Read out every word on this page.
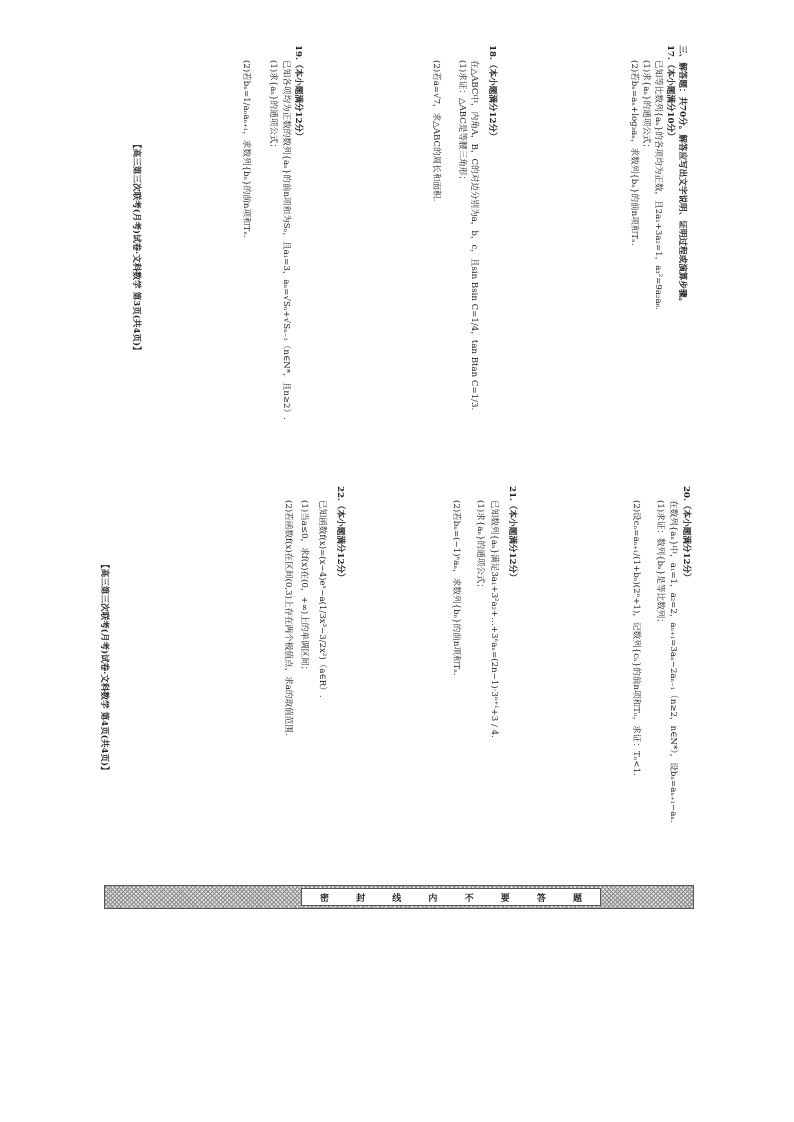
三、解答题：共70分。解答应写出文字说明、证明过程或演算步骤。
17.（本小题满分10分）
已知等比数列{aₙ}的各项均为正数，且2a₁+3a₂=1，a₃²=9a₂a₆.
(1)求{aₙ}的通项公式；
(2)若bₙ=aₙ+log₃aₙ，求数列{bₙ}的前n项和Tₙ.
18.（本小题满分12分）
在△ABC中，内角A，B，C的对边分别为a，b，c，且sin Bsin C=1/4，tan Btan C=1/3.
(1)求证：△ABC是等腰三角形；
(2)若a=√7，求△ABC的周长和面积.
19.（本小题满分12分）
已知各项均为正数的数列{aₙ}的前n项和为Sₙ，且a₁=3，aₙ=√Sₙ+√Sₙ₋₁（n∈N*，且n≥2）.
(1)求{aₙ}的通项公式；
(2)若bₙ=1/aₙaₙ₊₁，求数列{bₙ}的前n项和Tₙ.
【高三第三次联考(月考)试卷·文科数学 第3页(共4页)】
20.（本小题满分12分）
在数列{aₙ}中，a₁=1，a₂=2，aₙ₊₁=3aₙ−2aₙ₋₁（n≥2，n∈N*），设bₙ=aₙ₊₁−aₙ.
(1)求证：数列{bₙ}是等比数列；
(2)设cₙ=aₙ₊₁/(1+bₙ)(2ⁿ+1)，记数列{cₙ}的前n项和Tₙ，求证：Tₙ<1.
21.（本小题满分12分）
已知数列{aₙ}满足3a₁+3²a₂+…+3ⁿaₙ=(2n−1)·3ⁿ⁺¹+3 / 4.
(1)求{aₙ}的通项公式；
(2)若bₙ=(−1)ⁿaₙ，求数列{bₙ}的前n项和Tₙ.
22.（本小题满分12分）
已知函数f(x)=(x−4)eˣ−a(1/3x³−3/2x²)（a∈R）.
(1)当a≤0，求f(x)在(0，+∞)上的单调区间；
(2)若函数f(x)在区间(0,3)上存在两个极值点，求a的取值范围.
【高三第三次联考(月考)试卷·文科数学 第4页(共4页)】
密	封	线	内	不	要	答	题
